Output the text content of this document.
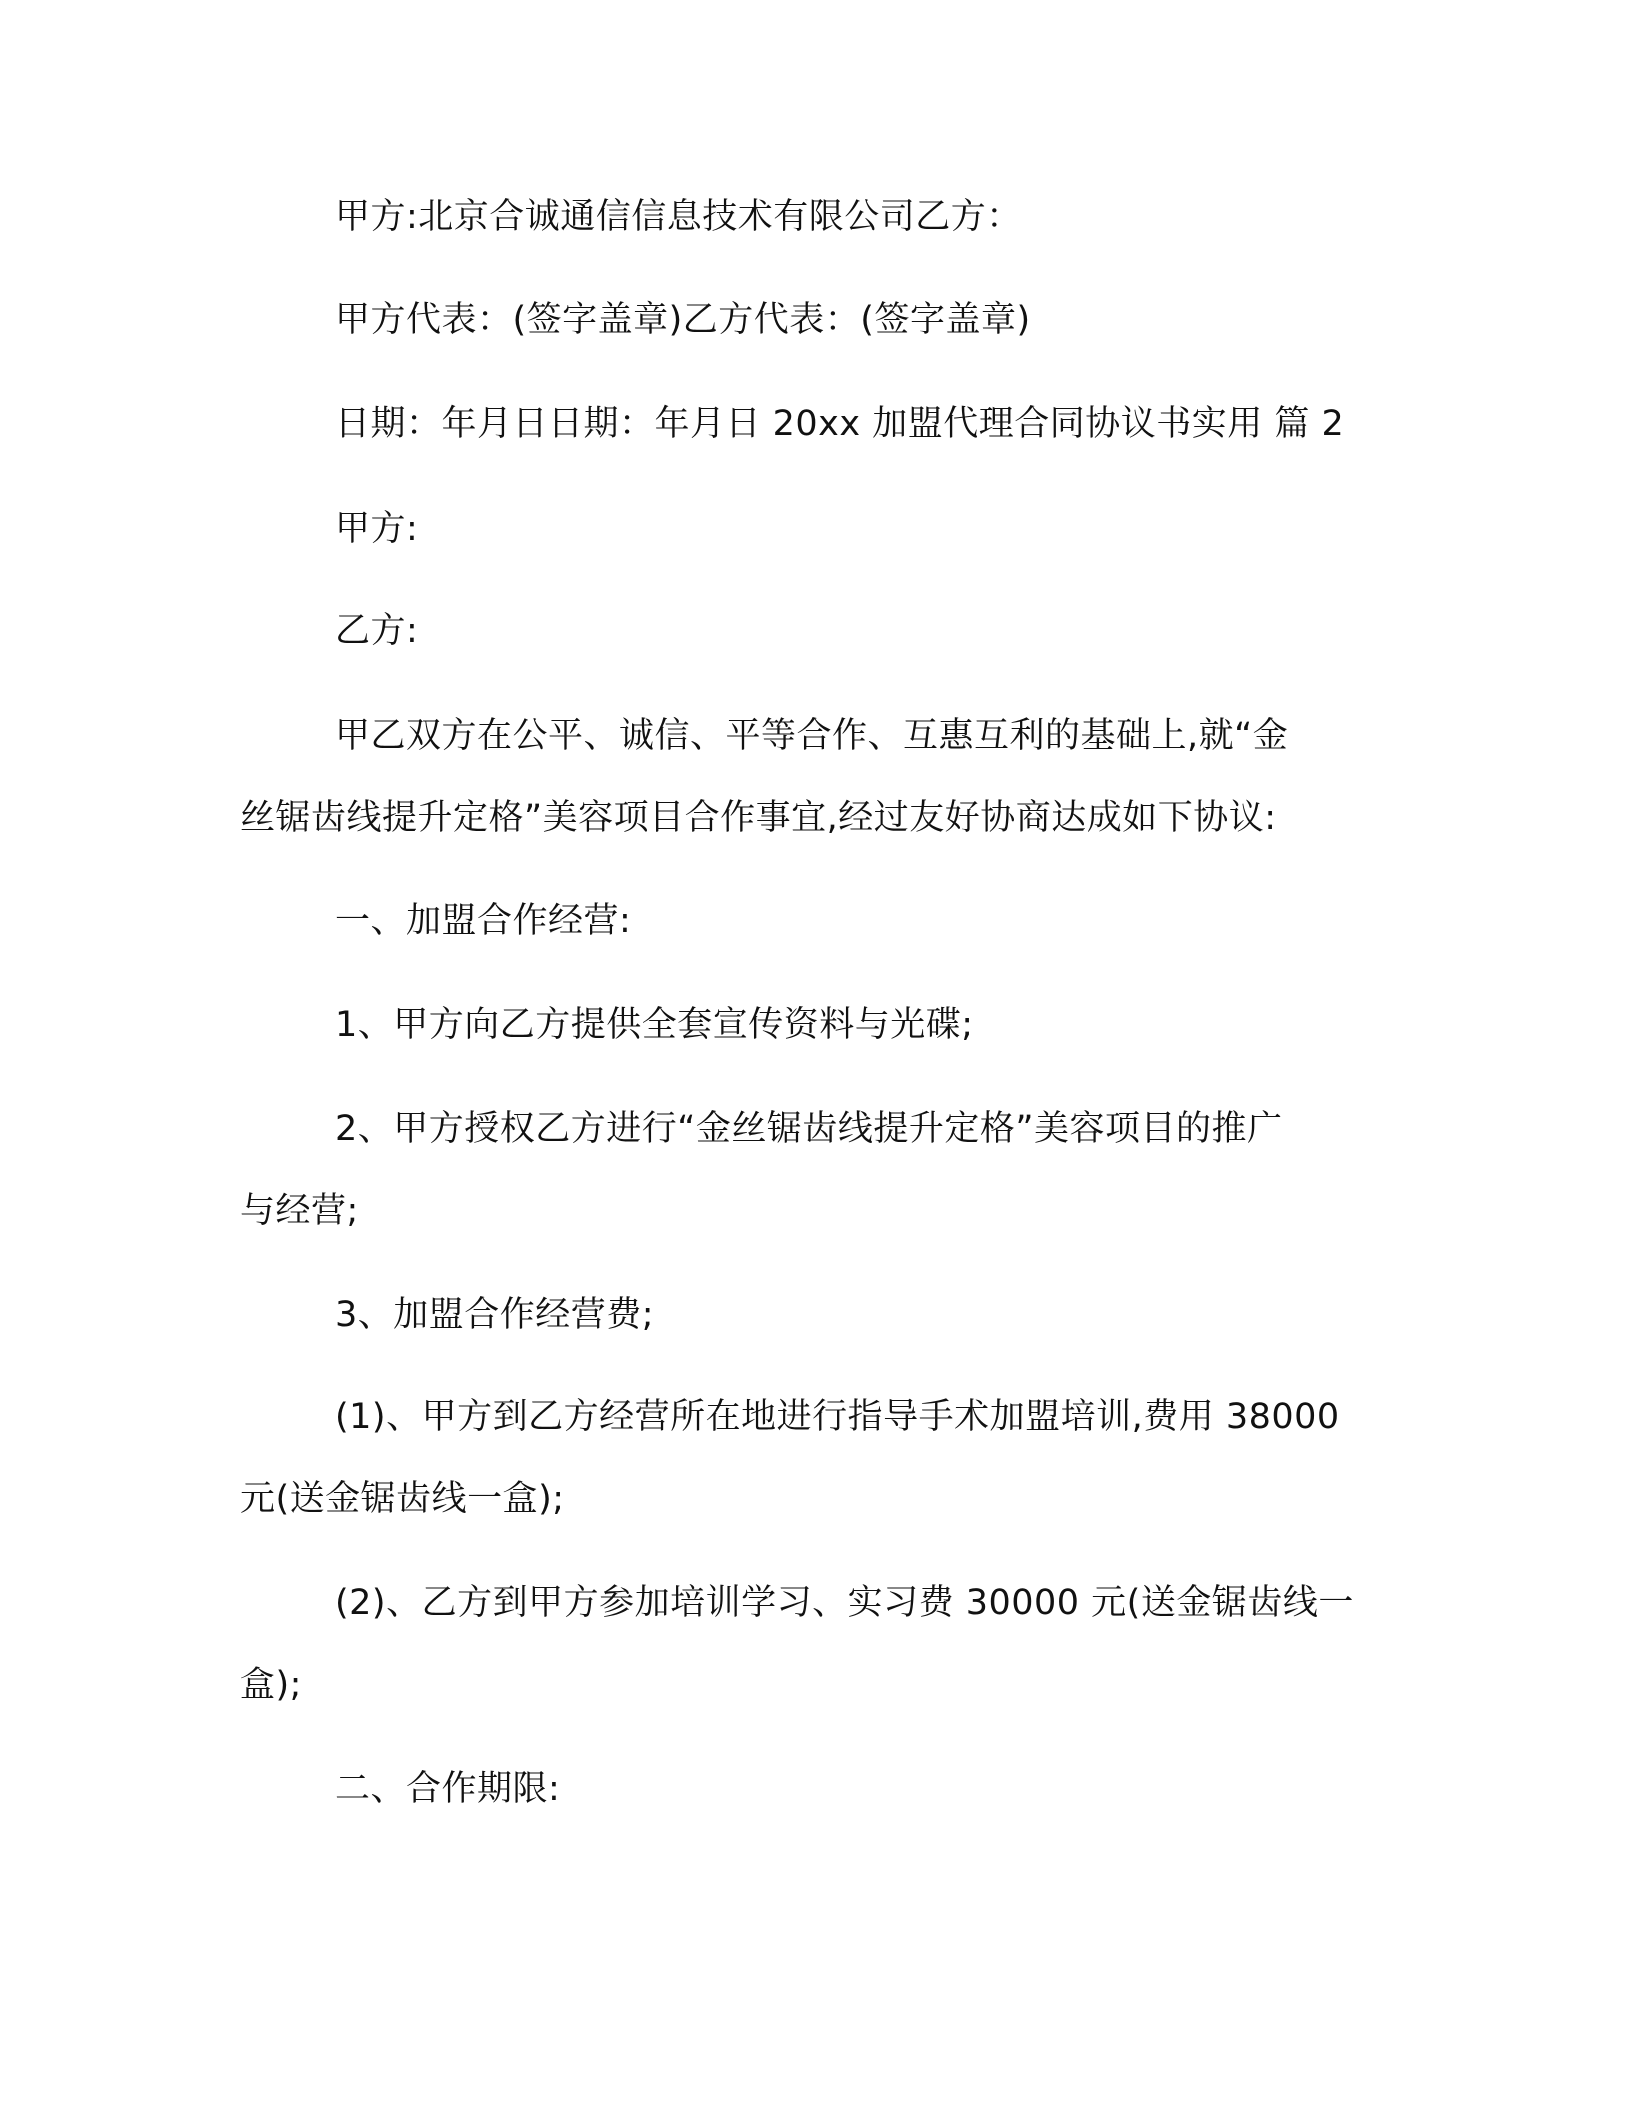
甲方:北京合诚通信信息技术有限公司乙方：
甲方代表：(签字盖章)乙方代表：(签字盖章)
日期：年月日日期：年月日 20xx 加盟代理合同协议书实用 篇 2
甲方:
乙方:
甲乙双方在公平、诚信、平等合作、互惠互利的基础上,就“金
丝锯齿线提升定格”美容项目合作事宜,经过友好协商达成如下协议:
一、加盟合作经营:
1、甲方向乙方提供全套宣传资料与光碟;
2、甲方授权乙方进行“金丝锯齿线提升定格”美容项目的推广
与经营;
3、加盟合作经营费;
(1)、甲方到乙方经营所在地进行指导手术加盟培训,费用 38000
元(送金锯齿线一盒);
(2)、乙方到甲方参加培训学习、实习费 30000 元(送金锯齿线一
盒);
二、合作期限:
